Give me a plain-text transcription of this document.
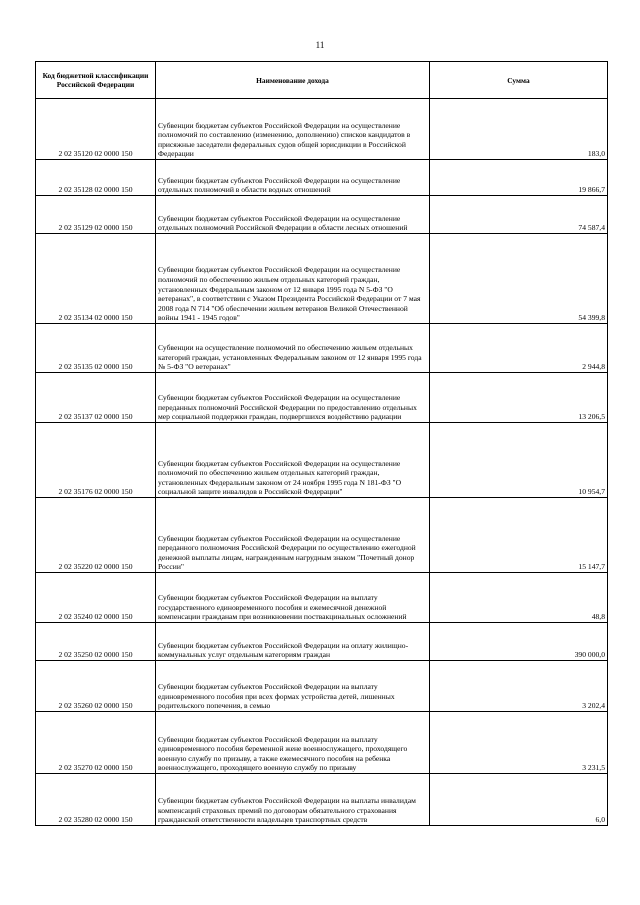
11
Код бюджетной классификации Российской Федерации	Наименование дохода	Сумма
2 02 35120 02 0000 150	Субвенции бюджетам субъектов Российской Федерации на осуществление полномочий по составлению (изменению, дополнению) списков кандидатов в присяжные заседатели федеральных судов общей юрисдикции в Российской Федерации	183,0
2 02 35128 02 0000 150	Субвенции бюджетам субъектов Российской Федерации на осуществление отдельных полномочий в области водных отношений	19 866,7
2 02 35129 02 0000 150	Субвенции бюджетам субъектов Российской Федерации на осуществление отдельных полномочий Российской Федерации в области лесных отношений	74 587,4
2 02 35134 02 0000 150	Субвенции бюджетам субъектов Российской Федерации на осуществление полномочий по обеспечению жильем отдельных категорий граждан, установленных Федеральным законом от 12 января 1995 года N 5-ФЗ "О ветеранах", в соответствии с Указом Президента Российской Федерации от 7 мая 2008 года N 714 "Об обеспечении жильем ветеранов Великой Отечественной войны 1941 - 1945 годов"	54 399,8
2 02 35135 02 0000 150	Субвенции на осуществление полномочий по обеспечению жильем отдельных категорий граждан, установленных Федеральным законом от 12 января 1995 года № 5-ФЗ "О ветеранах"	2 944,8
2 02 35137 02 0000 150	Субвенции бюджетам субъектов Российской Федерации на осуществление переданных полномочий Российской Федерации по предоставлению отдельных мер социальной поддержки граждан, подвергшихся воздействию радиации	13 206,5
2 02 35176 02 0000 150	Субвенции бюджетам субъектов Российской Федерации на осуществление полномочий по обеспечению жильем отдельных категорий граждан, установленных Федеральным законом от 24 ноября 1995 года N 181-ФЗ "О социальной защите инвалидов в Российской Федерации"	10 954,7
2 02 35220 02 0000 150	Субвенции бюджетам субъектов Российской Федерации на осуществление переданного полномочия Российской Федерации по осуществлению ежегодной денежной выплаты лицам, награжденным нагрудным знаком "Почетный донор России"	15 147,7
2 02 35240 02 0000 150	Субвенции бюджетам субъектов Российской Федерации на выплату государственного единовременного пособия и ежемесячной денежной компенсации гражданам при возникновении поствакцинальных осложнений	48,8
2 02 35250 02 0000 150	Субвенции бюджетам субъектов Российской Федерации на оплату жилищно-коммунальных услуг отдельным категориям граждан	390 000,0
2 02 35260 02 0000 150	Субвенции бюджетам субъектов Российской Федерации на выплату единовременного пособия при всех формах устройства детей, лишенных родительского попечения, в семью	3 202,4
2 02 35270 02 0000 150	Субвенции бюджетам субъектов Российской Федерации на выплату единовременного пособия беременной жене военнослужащего, проходящего военную службу по призыву, а также ежемесячного пособия на ребенка военнослужащего, проходящего военную службу по призыву	3 231,5
2 02 35280 02 0000 150	Субвенции бюджетам субъектов Российской Федерации на выплаты инвалидам компенсаций страховых премий по договорам обязательного страхования гражданской ответственности владельцев транспортных средств	6,0
